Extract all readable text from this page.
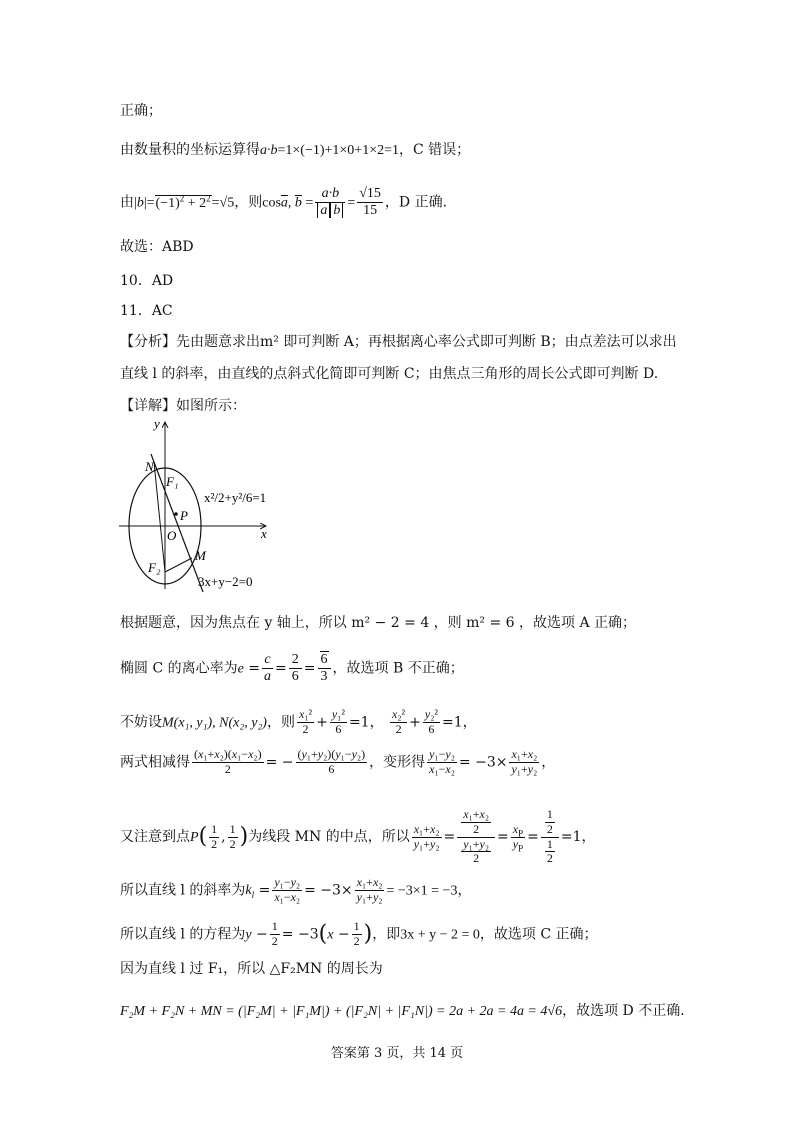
正确；
由数量积的坐标运算得a·b=1×(−1)+1×0+1×2=1，C 错误；
由$|b|=(-1)^2 + 2^2=√5$，则$\cos\overline{a}$, $\overline{b} = \frac{a\cdot b}{\overline{a} \overline{b}} = \frac{√15}{15}$ ，D 正确.
故选：ABD
10．AD
11．AC
【分析】先由题意求出m² 即可判断 A；再根据离心率公式即可判断 B；由点差法可以求出
直线 l 的斜率，由直线的点斜式化简即可判断 C；由焦点三角形的周长公式即可判断 D.
【详解】如图所示：
y
x
N
F₁
P
O
M
F₂
x²/2+y²/6=1
3x+y−2=0
根据题意，因为焦点在 y 轴上，所以 m² − 2 = 4 ，则 m² = 6 ，故选项 A 正确；
椭圆 C 的离心率为$e = \frac{c}{a} = \frac{2}{6} = \frac{6}{3}$ ，故选项 B 不正确；
不妨设M(x₁, y₁), N(x₂, y₂)，则 $\frac{\text{x₁²}}{2} + \frac{\text{y₁²}}{6} =1$， $\frac{\text{x₂²}}{2} + \frac{\text{y₂²}}{6} =1$，
两式相减得 $\frac{\text{(x₁+x₂)(x₁−x₂)}}{2}$ = − $\frac{\text{(y₁+y₂)(y₁−y₂)}}{6}$ ，变形得 $\frac{\text{y₁−y₂}}{\text{x₁−x₂}} = -3\times \frac{\text{x₁+x₂}}{\text{y₁+y₂}}$ ，
又注意到点$P( \frac{1}{2}$ , $\frac{1}{2}$ )为线段 MN 的中点，所以 $\frac{\text{x₁+x₂}}{\text{y₁+y₂}} = \frac{\frac{\text{x₁+x₂}}{2}}{\frac{\text{y₁+y₂}}{2}} = \frac{x_P}{y_P} = \frac{\frac{1}{2}}{\frac{1}{2}} =1$，
所以直线 l 的斜率为$k_l = \frac{\text{y₁−y₂}}{\text{x₁−x₂}} = -3\times \frac{\text{x₁+x₂}}{\text{y₁+y₂}} = -3\times 1 = -3$，
所以直线 l 的方程为$y - \frac{1}{2} = -3(x - \frac{1}{2}$ )，即3x + y − 2 = 0，故选项 C 正确；
因为直线 l 过 F₁，所以 △F₂MN 的周长为
F₂M + F₂N + MN = (|F₂M| + |F₁M|) + (|F₂N| + |F₁N|) = 2a + 2a = 4a = 4√6，故选项 D 不正确.
答案第 3 页，共 14 页
